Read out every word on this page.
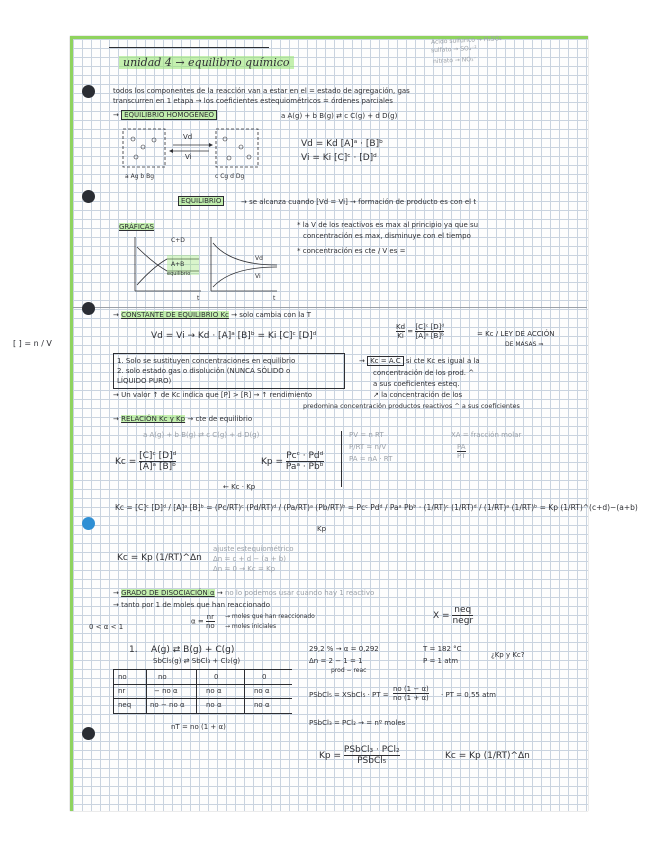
Ácido sulfúrico → H₂SO₄
sulfato → SO₄⁻²
nitrato → NO₃⁻
unidad 4 → equilibrio químico
todos los componentes de la reacción van a estar en el = estado de agregación, gas
transcurren en 1 etapa → los coeficientes estequiométricos = órdenes parciales
→ EQUILIBRIO HOMOGÉNEO	a A(g) + b B(g) ⇄ c C(g) + d D(g)
Vd
Vi
a Ag b Bg	c Cg d Dg
Vd = Kd [A]ᵃ · [B]ᵇ
Vi = Ki [C]ᶜ · [D]ᵈ
EQUILIBRIO	→ se alcanza cuando [Vd = Vi] → formación de producto es con el t
GRÁFICAS
C+D
A+B
equilibrio
t	t
Vd
Vi
* la V de los reactivos es max al principio ya que su
concentración es max, disminuye con el tiempo
* concentración es cte / V es =
→ CONSTANTE DE EQUILIBRIO Kc → solo cambia con la T
[ ] = n / V
Vd = Vi → Kd · [A]ᵃ [B]ᵇ = Ki [C]ᶜ [D]ᵈ	$\frac{Kd}{Ki} = \frac{\text{[C]ᶜ [D]ᵈ}}{\text{[A]ᵃ [B]ᵇ}}$	= Kc / LEY DE ACCIÓN
DE MASAS ⇒
1. Solo se sustituyen concentraciones en equilibrio
2. solo estado gas o disolución (NUNCA SÓLIDO o
LÍQUIDO PURO)
→ Kc = A.C si cte Kc es igual a la
concentración de los prod. ^
a sus coeficientes esteq.
→ Un valor ↑ de Kc indica que [P] > [R] → ↑ rendimiento	↗ la concentración de los
predomina concentración productos reactivos ^ a sus coeficientes
→ RELACIÓN Kc y Kp → cte de equilibrio
a A(g) + b B(g) ⇄ c C(g) + d D(g)
$Kc = \frac{\text{[C]ᶜ [D]ᵈ}}{\text{[A]ᵃ [B]ᵇ}}$	Kp =
Pcᶜ · Pdᵈ
Paᵃ · Pbᵇ
PV = n RT
P/RT = n/V
PA = nA · RT
XA = fracción molar
$\frac{PA}{PT}$
← Kc · Kp
Kc = [C]ᶜ [D]ᵈ / [A]ᵃ [B]ᵇ = (Pc/RT)ᶜ (Pd/RT)ᵈ / (Pa/RT)ᵃ (Pb/RT)ᵇ = Pcᶜ Pdᵈ / Paᵃ Pbᵇ · (1/RT)ᶜ (1/RT)ᵈ / (1/RT)ᵃ (1/RT)ᵇ = Kp (1/RT)^(c+d)−(a+b)
Kp
Kc = Kp (1/RT)^Δn
ajuste estequiométrico
Δn = c + d − (a + b)
Δn = 0 → Kc = Kp
→ GRADO DE DISOCIACIÓN α → no lo podemos usar cuando hay 1 reactivo
→ tanto por 1 de moles que han reaccionado
$\alpha = \frac{nr}{no}$ → moles que han reaccionado
→ moles iniciales
0 < α < 1
X =
neq
negr
1. A(g) ⇄ B(g) + C(g)
SbCl₅(g) ⇄ SbCl₃ + Cl₂(g)
no	no	0	0
nr	− no α	no α	no α
neq	no − no α	no α	no α
nT = no (1 + α)
29,2 % → α = 0,292
Δn = 2 − 1 = 1
prod − reac
T = 182 °C
P = 1 atm
¿Kp y Kc?
PSbCl₅ = XSbCl₅ · PT = $\frac{no (1 - \alpha)}{no (1 + \alpha)}$ · PT = 0,55 atm
PSbCl₃ = PCl₂ → = nº moles
Kp =
PSbCl₃ · PCl₂
PSbCl₅	Kc = Kp (1/RT)^Δn
